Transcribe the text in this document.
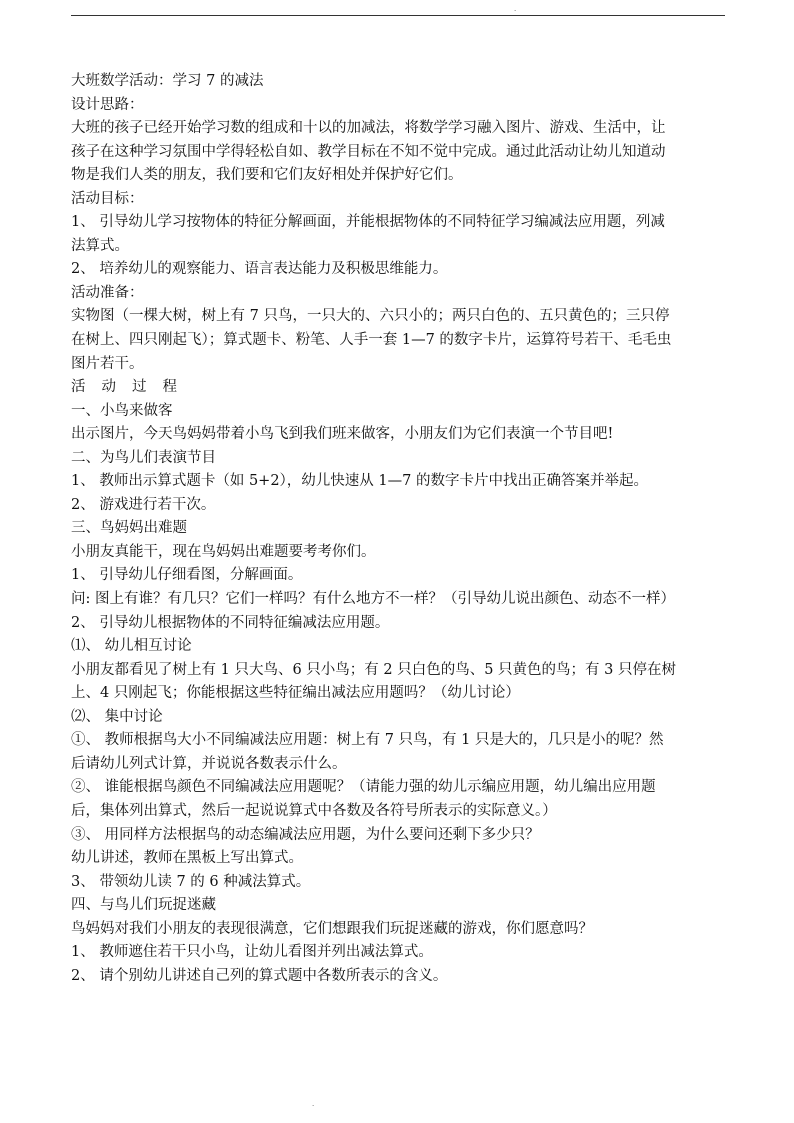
.
大班数学活动：学习 7 的减法
设计思路：
大班的孩子已经开始学习数的组成和十以的加减法，将数学学习融入图片、游戏、生活中，让
孩子在这种学习氛围中学得轻松自如、教学目标在不知不觉中完成。通过此活动让幼儿知道动
物是我们人类的朋友，我们要和它们友好相处并保护好它们。
活动目标：
1、 引导幼儿学习按物体的特征分解画面，并能根据物体的不同特征学习编减法应用题，列减
法算式。
2、 培养幼儿的观察能力、语言表达能力及积极思维能力。
活动准备：
实物图（一棵大树，树上有 7 只鸟，一只大的、六只小的；两只白色的、五只黄色的；三只停
在树上、四只刚起飞）；算式题卡、粉笔、人手一套 1—7 的数字卡片，运算符号若干、毛毛虫
图片若干。
活动过程
一、小鸟来做客
出示图片，今天鸟妈妈带着小鸟飞到我们班来做客，小朋友们为它们表演一个节目吧!
二、为鸟儿们表演节目
1、 教师出示算式题卡（如 5+2），幼儿快速从 1—7 的数字卡片中找出正确答案并举起。
2、 游戏进行若干次。
三、鸟妈妈出难题
小朋友真能干，现在鸟妈妈出难题要考考你们。
1、 引导幼儿仔细看图，分解画面。
问: 图上有谁？有几只？它们一样吗？有什么地方不一样？（引导幼儿说出颜色、动态不一样）
2、 引导幼儿根据物体的不同特征编减法应用题。
⑴、 幼儿相互讨论
小朋友都看见了树上有 1 只大鸟、6 只小鸟；有 2 只白色的鸟、5 只黄色的鸟；有 3 只停在树
上、4 只刚起飞；你能根据这些特征编出减法应用题吗？（幼儿讨论）
⑵、 集中讨论
①、 教师根据鸟大小不同编减法应用题：树上有 7 只鸟，有 1 只是大的，几只是小的呢？然
后请幼儿列式计算，并说说各数表示什么。
②、 谁能根据鸟颜色不同编减法应用题呢？（请能力强的幼儿示编应用题，幼儿编出应用题
后，集体列出算式，然后一起说说算式中各数及各符号所表示的实际意义。）
③、 用同样方法根据鸟的动态编减法应用题，为什么要问还剩下多少只？
幼儿讲述，教师在黑板上写出算式。
3、 带领幼儿读 7 的 6 种减法算式。
四、与鸟儿们玩捉迷藏
鸟妈妈对我们小朋友的表现很满意，它们想跟我们玩捉迷藏的游戏，你们愿意吗？
1、 教师遮住若干只小鸟，让幼儿看图并列出减法算式。
2、 请个别幼儿讲述自己列的算式题中各数所表示的含义。
.
